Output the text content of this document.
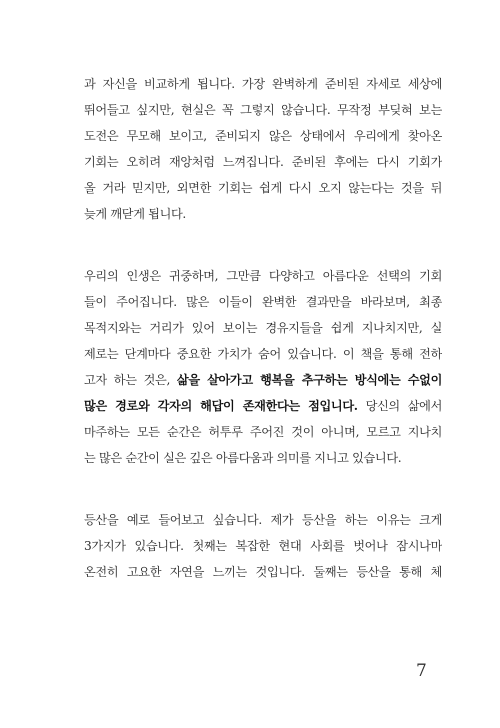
과 자신을 비교하게 됩니다. 가장 완벽하게 준비된 자세로 세상에
뛰어들고 싶지만, 현실은 꼭 그렇지 않습니다. 무작정 부딪혀 보는
도전은 무모해 보이고, 준비되지 않은 상태에서 우리에게 찾아온
기회는 오히려 재앙처럼 느껴집니다. 준비된 후에는 다시 기회가
올 거라 믿지만, 외면한 기회는 쉽게 다시 오지 않는다는 것을 뒤
늦게 깨닫게 됩니다.
우리의 인생은 귀중하며, 그만큼 다양하고 아름다운 선택의 기회
들이 주어집니다. 많은 이들이 완벽한 결과만을 바라보며, 최종
목적지와는 거리가 있어 보이는 경유지들을 쉽게 지나치지만, 실
제로는 단계마다 중요한 가치가 숨어 있습니다. 이 책을 통해 전하
고자 하는 것은, 삶을 살아가고 행복을 추구하는 방식에는 수없이
많은 경로와 각자의 해답이 존재한다는 점입니다. 당신의 삶에서
마주하는 모든 순간은 허투루 주어진 것이 아니며, 모르고 지나치
는 많은 순간이 실은 깊은 아름다움과 의미를 지니고 있습니다.
등산을 예로 들어보고 싶습니다. 제가 등산을 하는 이유는 크게
3가지가 있습니다. 첫째는 복잡한 현대 사회를 벗어나 잠시나마
온전히 고요한 자연을 느끼는 것입니다. 둘째는 등산을 통해 체
7
